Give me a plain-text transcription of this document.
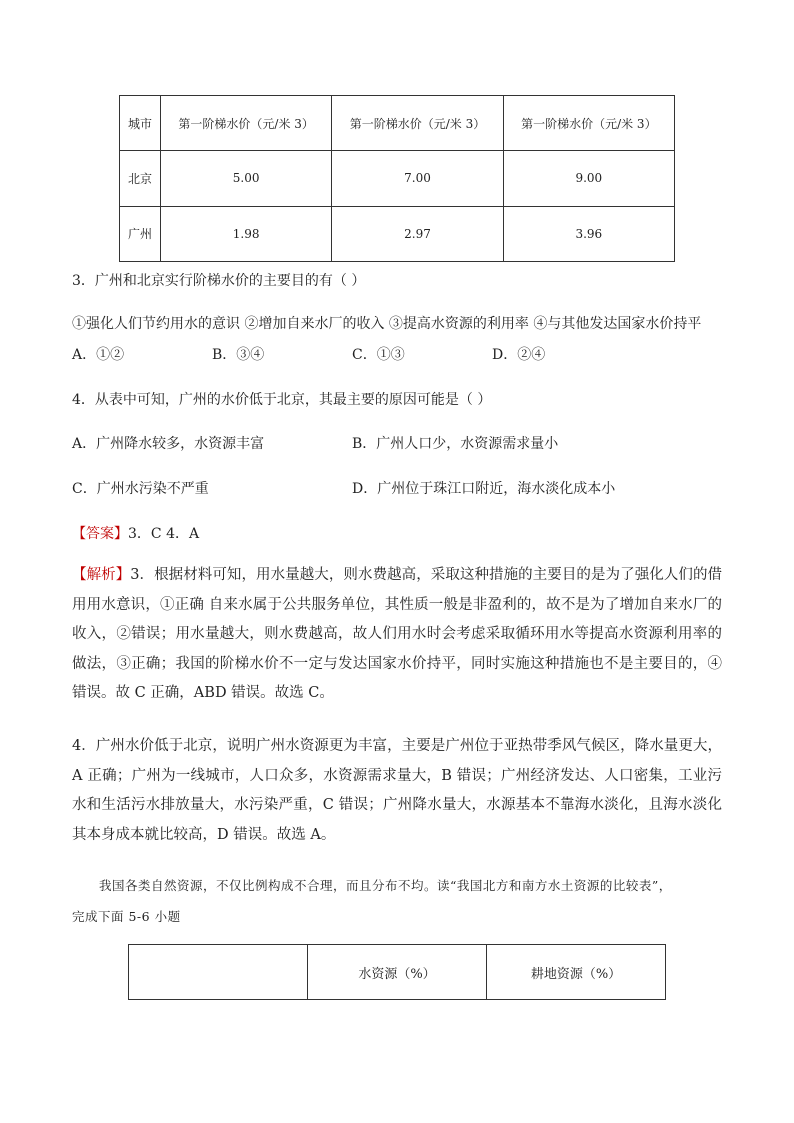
城市	第一阶梯水价（元/米 3）	第一阶梯水价（元/米 3）	第一阶梯水价（元/米 3）
北京	5.00	7.00	9.00
广州	1.98	2.97	3.96
3．广州和北京实行阶梯水价的主要目的有（ ）
①强化人们节约用水的意识 ②增加自来水厂的收入 ③提高水资源的利用率 ④与其他发达国家水价持平
A．①②	B．③④	C．①③	D．②④
4．从表中可知，广州的水价低于北京，其最主要的原因可能是（ ）
A．广州降水较多，水资源丰富	B．广州人口少，水资源需求量小
C．广州水污染不严重	D．广州位于珠江口附近，海水淡化成本小
【答案】3．C 4．A
【解析】3．根据材料可知，用水量越大，则水费越高，采取这种措施的主要目的是为了强化人们的借用用水意识，①正确 自来水属于公共服务单位，其性质一般是非盈利的，故不是为了增加自来水厂的收入，②错误；用水量越大，则水费越高，故人们用水时会考虑采取循环用水等提高水资源利用率的做法，③正确；我国的阶梯水价不一定与发达国家水价持平，同时实施这种措施也不是主要目的，④错误。故 C 正确，ABD 错误。故选 C。
4．广州水价低于北京，说明广州水资源更为丰富，主要是广州位于亚热带季风气候区，降水量更大，A 正确；广州为一线城市，人口众多，水资源需求量大，B 错误；广州经济发达、人口密集，工业污水和生活污水排放量大，水污染严重，C 错误；广州降水量大，水源基本不靠海水淡化，且海水淡化其本身成本就比较高，D 错误。故选 A。
我国各类自然资源，不仅比例构成不合理，而且分布不均。读“我国北方和南方水土资源的比较表”，
完成下面 5-6 小题
	水资源（%）	耕地资源（%）
